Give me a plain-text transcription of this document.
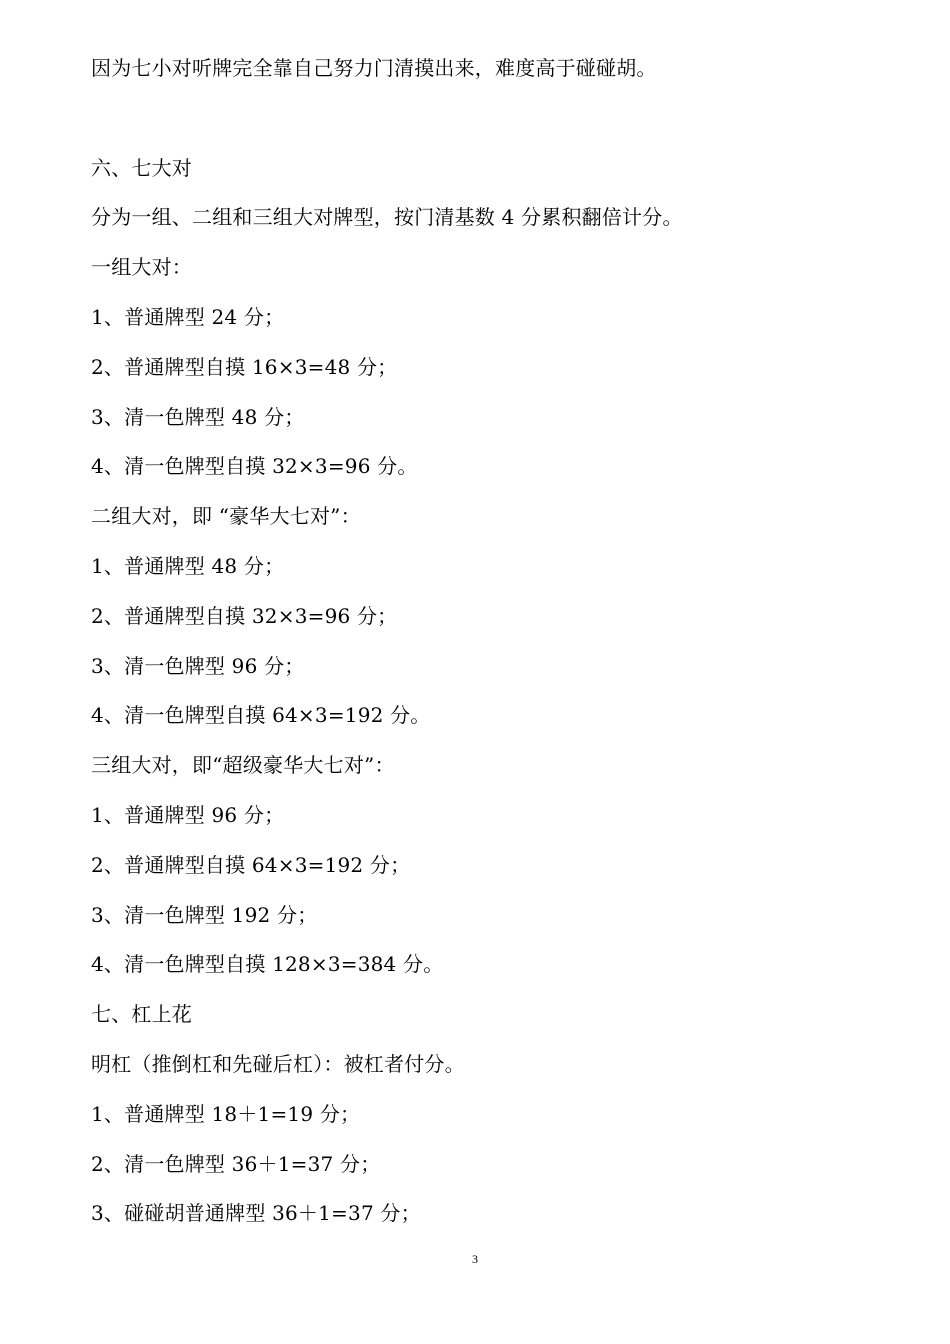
因为七小对听牌完全靠自己努力门清摸出来，难度高于碰碰胡。
六、七大对
分为一组、二组和三组大对牌型，按门清基数 4 分累积翻倍计分。
一组大对：
1、普通牌型 24 分；
2、普通牌型自摸 16×3=48 分；
3、清一色牌型 48 分；
4、清一色牌型自摸 32×3=96 分。
二组大对，即 “豪华大七对”：
1、普通牌型 48 分；
2、普通牌型自摸 32×3=96 分；
3、清一色牌型 96 分；
4、清一色牌型自摸 64×3=192 分。
三组大对，即“超级豪华大七对”：
1、普通牌型 96 分；
2、普通牌型自摸 64×3=192 分；
3、清一色牌型 192 分；
4、清一色牌型自摸 128×3=384 分。
七、杠上花
明杠（推倒杠和先碰后杠）：被杠者付分。
1、普通牌型 18＋1=19 分；
2、清一色牌型 36＋1=37 分；
3、碰碰胡普通牌型 36＋1=37 分；
3
